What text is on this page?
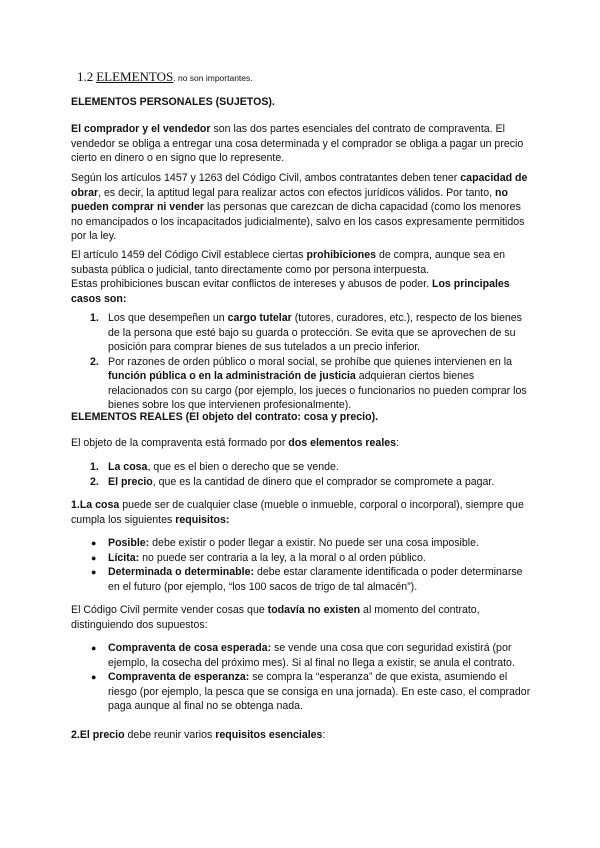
1.2 ELEMENTOS. no son importantes.

ELEMENTOS PERSONALES (SUJETOS).

El comprador y el vendedor son las dos partes esenciales del contrato de compraventa. El vendedor se obliga a entregar una cosa determinada y el comprador se obliga a pagar un precio cierto en dinero o en signo que lo represente.

Según los artículos 1457 y 1263 del Código Civil, ambos contratantes deben tener capacidad de obrar, es decir, la aptitud legal para realizar actos con efectos jurídicos válidos. Por tanto, no pueden comprar ni vender las personas que carezcan de dicha capacidad (como los menores no emancipados o los incapacitados judicialmente), salvo en los casos expresamente permitidos por la ley.

El artículo 1459 del Código Civil establece ciertas prohibiciones de compra, aunque sea en subasta pública o judicial, tanto directamente como por persona interpuesta.
Estas prohibiciones buscan evitar conflictos de intereses y abusos de poder. Los principales casos son:

1. Los que desempeñen un cargo tutelar (tutores, curadores, etc.), respecto de los bienes de la persona que esté bajo su guarda o protección. Se evita que se aprovechen de su posición para comprar bienes de sus tutelados a un precio inferior.
2. Por razones de orden público o moral social, se prohíbe que quienes intervienen en la función pública o en la administración de justicia adquieran ciertos bienes relacionados con su cargo (por ejemplo, los jueces o funcionarios no pueden comprar los bienes sobre los que intervienen profesionalmente).

ELEMENTOS REALES (El objeto del contrato: cosa y precio).

El objeto de la compraventa está formado por dos elementos reales:

1. La cosa, que es el bien o derecho que se vende.
2. El precio, que es la cantidad de dinero que el comprador se compromete a pagar.

1.La cosa puede ser de cualquier clase (mueble o inmueble, corporal o incorporal), siempre que cumpla los siguientes requisitos:

● Posible: debe existir o poder llegar a existir. No puede ser una cosa imposible.
● Lícita: no puede ser contraria a la ley, a la moral o al orden público.
● Determinada o determinable: debe estar claramente identificada o poder determinarse en el futuro (por ejemplo, “los 100 sacos de trigo de tal almacén”).

El Código Civil permite vender cosas que todavía no existen al momento del contrato, distinguiendo dos supuestos:

● Compraventa de cosa esperada: se vende una cosa que con seguridad existirá (por ejemplo, la cosecha del próximo mes). Si al final no llega a existir, se anula el contrato.
● Compraventa de esperanza: se compra la “esperanza” de que exista, asumiendo el riesgo (por ejemplo, la pesca que se consiga en una jornada). En este caso, el comprador paga aunque al final no se obtenga nada.

2.El precio debe reunir varios requisitos esenciales:
